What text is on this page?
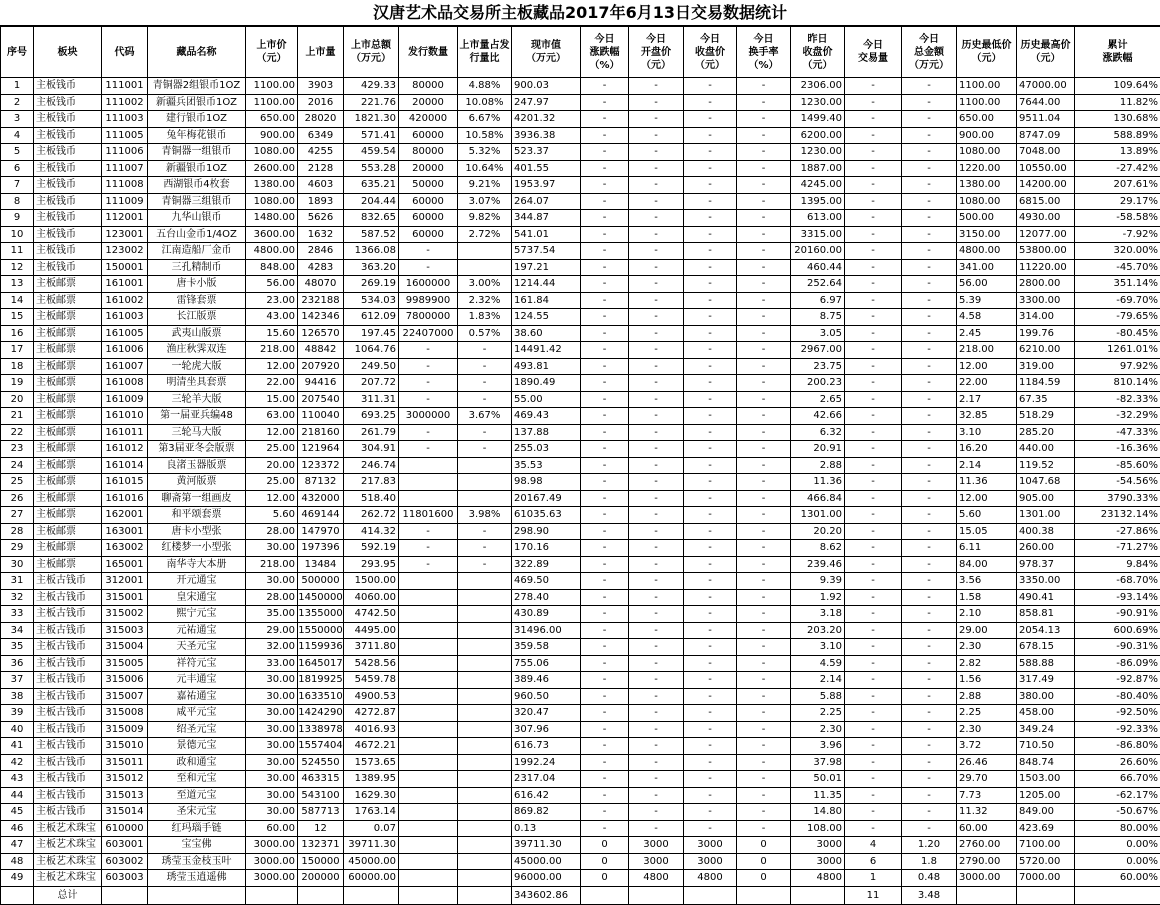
汉唐艺术品交易所主板藏品2017年6月13日交易数据统计
序号	板块	代码	藏品名称	上市价
（元）	上市量	上市总额
（万元）	发行数量	上市量占发
行量比	现市值
（万元）	今日
涨跌幅
（%）	今日
开盘价
（元）	今日
收盘价
（元）	今日
换手率
（%）	昨日
收盘价
（元）	今日
交易量	今日
总金额
（万元）	历史最低价
（元）	历史最高价
（元）	累计
涨跌幅

1	主板钱币	111001	青铜器2组银币1OZ	1100.00	3903	429.33	80000	4.88%	900.03	-	-	-	-	2306.00	-	-	1100.00	47000.00	109.64%
2	主板钱币	111002	新疆兵团银币1OZ	1100.00	2016	221.76	20000	10.08%	247.97	-	-	-	-	1230.00	-	-	1100.00	7644.00	11.82%
3	主板钱币	111003	建行银币1OZ	650.00	28020	1821.30	420000	6.67%	4201.32	-	-	-	-	1499.40	-	-	650.00	9511.04	130.68%
4	主板钱币	111005	兔年梅花银币	900.00	6349	571.41	60000	10.58%	3936.38	-	-	-	-	6200.00	-	-	900.00	8747.09	588.89%
5	主板钱币	111006	青铜器一组银币	1080.00	4255	459.54	80000	5.32%	523.37	-	-	-	-	1230.00	-	-	1080.00	7048.00	13.89%
6	主板钱币	111007	新疆银币1OZ	2600.00	2128	553.28	20000	10.64%	401.55	-	-	-	-	1887.00	-	-	1220.00	10550.00	-27.42%
7	主板钱币	111008	西湖银币4枚套	1380.00	4603	635.21	50000	9.21%	1953.97	-	-	-	-	4245.00	-	-	1380.00	14200.00	207.61%
8	主板钱币	111009	青铜器三组银币	1080.00	1893	204.44	60000	3.07%	264.07	-	-	-	-	1395.00	-	-	1080.00	6815.00	29.17%
9	主板钱币	112001	九华山银币	1480.00	5626	832.65	60000	9.82%	344.87	-	-	-	-	613.00	-	-	500.00	4930.00	-58.58%
10	主板钱币	123001	五台山金币1/4OZ	3600.00	1632	587.52	60000	2.72%	541.01	-	-	-	-	3315.00	-	-	3150.00	12077.00	-7.92%
11	主板钱币	123002	江南造船厂金币	4800.00	2846	1366.08	-		5737.54	-	-	-	-	20160.00	-	-	4800.00	53800.00	320.00%
12	主板钱币	150001	三孔精制币	848.00	4283	363.20	-		197.21	-	-	-	-	460.44	-	-	341.00	11220.00	-45.70%
13	主板邮票	161001	唐卡小版	56.00	48070	269.19	1600000	3.00%	1214.44	-	-	-	-	252.64	-	-	56.00	2800.00	351.14%
14	主板邮票	161002	雷锋套票	23.00	232188	534.03	9989900	2.32%	161.84	-	-	-	-	6.97	-	-	5.39	3300.00	-69.70%
15	主板邮票	161003	长江版票	43.00	142346	612.09	7800000	1.83%	124.55	-	-	-	-	8.75	-	-	4.58	314.00	-79.65%
16	主板邮票	161005	武夷山版票	15.60	126570	197.45	22407000	0.57%	38.60	-	-	-	-	3.05	-	-	2.45	199.76	-80.45%
17	主板邮票	161006	渔庄秋霁双连	218.00	48842	1064.76	-	-	14491.42	-	-	-	-	2967.00	-	-	218.00	6210.00	1261.01%
18	主板邮票	161007	一轮虎大版	12.00	207920	249.50	-	-	493.81	-	-	-	-	23.75	-	-	12.00	319.00	97.92%
19	主板邮票	161008	明清坐具套票	22.00	94416	207.72	-	-	1890.49	-	-	-	-	200.23	-	-	22.00	1184.59	810.14%
20	主板邮票	161009	三轮羊大版	15.00	207540	311.31	-	-	55.00	-	-	-	-	2.65	-	-	2.17	67.35	-82.33%
21	主板邮票	161010	第一届亚兵编48	63.00	110040	693.25	3000000	3.67%	469.43	-	-	-	-	42.66	-	-	32.85	518.29	-32.29%
22	主板邮票	161011	三轮马大版	12.00	218160	261.79	-	-	137.88	-	-	-	-	6.32	-	-	3.10	285.20	-47.33%
23	主板邮票	161012	第3届亚冬会版票	25.00	121964	304.91	-	-	255.03	-	-	-	-	20.91	-	-	16.20	440.00	-16.36%
24	主板邮票	161014	良渚玉器版票	20.00	123372	246.74			35.53	-	-	-	-	2.88	-	-	2.14	119.52	-85.60%
25	主板邮票	161015	黄河版票	25.00	87132	217.83			98.98	-	-	-	-	11.36	-	-	11.36	1047.68	-54.56%
26	主板邮票	161016	聊斋第一组画皮	12.00	432000	518.40			20167.49	-	-	-	-	466.84	-	-	12.00	905.00	3790.33%
27	主板邮票	162001	和平颂套票	5.60	469144	262.72	11801600	3.98%	61035.63	-	-	-	-	1301.00	-	-	5.60	1301.00	23132.14%
28	主板邮票	163001	唐卡小型张	28.00	147970	414.32	-	-	298.90	-	-	-	-	20.20	-	-	15.05	400.38	-27.86%
29	主板邮票	163002	红楼梦一小型张	30.00	197396	592.19	-	-	170.16	-	-	-	-	8.62	-	-	6.11	260.00	-71.27%
30	主板邮票	165001	南华寺大本册	218.00	13484	293.95	-	-	322.89	-	-	-	-	239.46	-	-	84.00	978.37	9.84%
31	主板古钱币	312001	开元通宝	30.00	500000	1500.00			469.50	-	-	-	-	9.39	-	-	3.56	3350.00	-68.70%
32	主板古钱币	315001	皇宋通宝	28.00	1450000	4060.00			278.40	-	-	-	-	1.92	-	-	1.58	490.41	-93.14%
33	主板古钱币	315002	熙宁元宝	35.00	1355000	4742.50			430.89	-	-	-	-	3.18	-	-	2.10	858.81	-90.91%
34	主板古钱币	315003	元祐通宝	29.00	1550000	4495.00			31496.00	-	-	-	-	203.20	-	-	29.00	2054.13	600.69%
35	主板古钱币	315004	天圣元宝	32.00	1159936	3711.80			359.58	-	-	-	-	3.10	-	-	2.30	678.15	-90.31%
36	主板古钱币	315005	祥符元宝	33.00	1645017	5428.56			755.06	-	-	-	-	4.59	-	-	2.82	588.88	-86.09%
37	主板古钱币	315006	元丰通宝	30.00	1819925	5459.78			389.46	-	-	-	-	2.14	-	-	1.56	317.49	-92.87%
38	主板古钱币	315007	嘉祐通宝	30.00	1633510	4900.53			960.50	-	-	-	-	5.88	-	-	2.88	380.00	-80.40%
39	主板古钱币	315008	咸平元宝	30.00	1424290	4272.87			320.47	-	-	-	-	2.25	-	-	2.25	458.00	-92.50%
40	主板古钱币	315009	绍圣元宝	30.00	1338978	4016.93			307.96	-	-	-	-	2.30	-	-	2.30	349.24	-92.33%
41	主板古钱币	315010	景德元宝	30.00	1557404	4672.21			616.73	-	-	-	-	3.96	-	-	3.72	710.50	-86.80%
42	主板古钱币	315011	政和通宝	30.00	524550	1573.65			1992.24	-	-	-	-	37.98	-	-	26.46	848.74	26.60%
43	主板古钱币	315012	至和元宝	30.00	463315	1389.95			2317.04	-	-	-	-	50.01	-	-	29.70	1503.00	66.70%
44	主板古钱币	315013	至道元宝	30.00	543100	1629.30			616.42	-	-	-	-	11.35	-	-	7.73	1205.00	-62.17%
45	主板古钱币	315014	圣宋元宝	30.00	587713	1763.14			869.82	-	-	-	-	14.80	-	-	11.32	849.00	-50.67%
46	主板艺术珠宝	610000	红玛瑙手链	60.00	12	0.07			0.13	-	-	-	-	108.00	-	-	60.00	423.69	80.00%
47	主板艺术珠宝	603001	宝宝佛	3000.00	132371	39711.30			39711.30	0	3000	3000	0	3000	4	1.20	2760.00	7100.00	0.00%
48	主板艺术珠宝	603002	琇莹玉金枝玉叶	3000.00	150000	45000.00			45000.00	0	3000	3000	0	3000	6	1.8	2790.00	5720.00	0.00%
49	主板艺术珠宝	603003	琇莹玉逍遥佛	3000.00	200000	60000.00			96000.00	0	4800	4800	0	4800	1	0.48	3000.00	7000.00	60.00%
	总计								343602.86						11	3.48			
